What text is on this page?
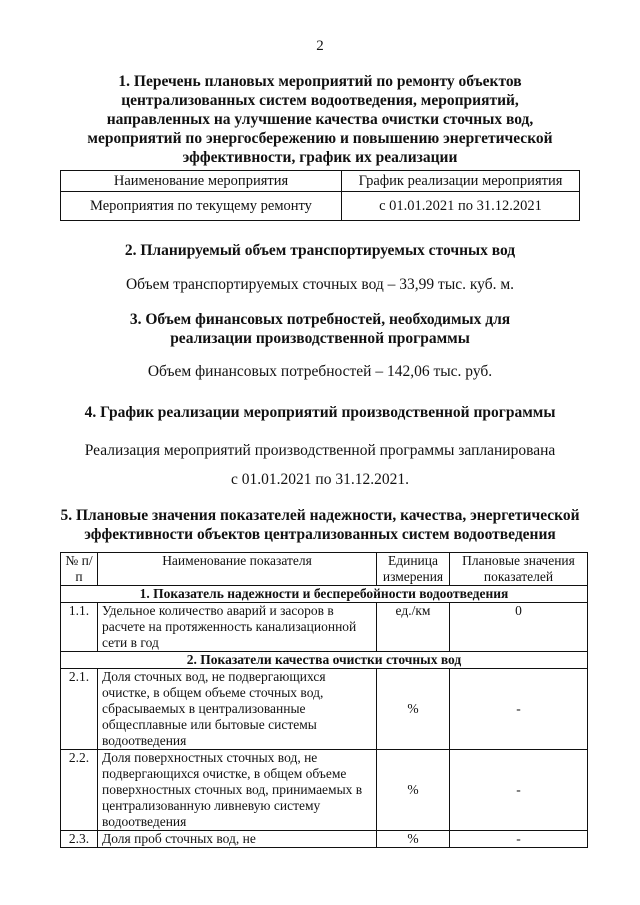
2
1. Перечень плановых мероприятий по ремонту объектов
централизованных систем водоотведения, мероприятий,
направленных на улучшение качества очистки сточных вод,
мероприятий по энергосбережению и повышению энергетической
эффективности, график их реализации
Наименование мероприятия	График реализации мероприятия
Мероприятия по текущему ремонту	с 01.01.2021 по 31.12.2021
2. Планируемый объем транспортируемых сточных вод
Объем транспортируемых сточных вод – 33,99 тыс. куб. м.
3. Объем финансовых потребностей, необходимых для
реализации производственной программы
Объем финансовых потребностей – 142,06 тыс. руб.
4. График реализации мероприятий производственной программы
Реализация мероприятий производственной программы запланирована
с 01.01.2021 по 31.12.2021.
5. Плановые значения показателей надежности, качества, энергетической
эффективности объектов централизованных систем водоотведения
№ п/п	Наименование показателя	Единица измерения	Плановые значения показателей
1. Показатель надежности и бесперебойности водоотведения			
1.1.	Удельное количество аварий и засоров в расчете на протяженность канализационной сети в год	ед./км	0
2. Показатели качества очистки сточных вод			
2.1.	Доля сточных вод, не подвергающихся очистке, в общем объеме сточных вод, сбрасываемых в централизованные общесплавные или бытовые системы водоотведения	%	-
2.2.	Доля поверхностных сточных вод, не подвергающихся очистке, в общем объеме поверхностных сточных вод, принимаемых в централизованную ливневую систему водоотведения	%	-
2.3.	Доля проб сточных вод, не	%	-
